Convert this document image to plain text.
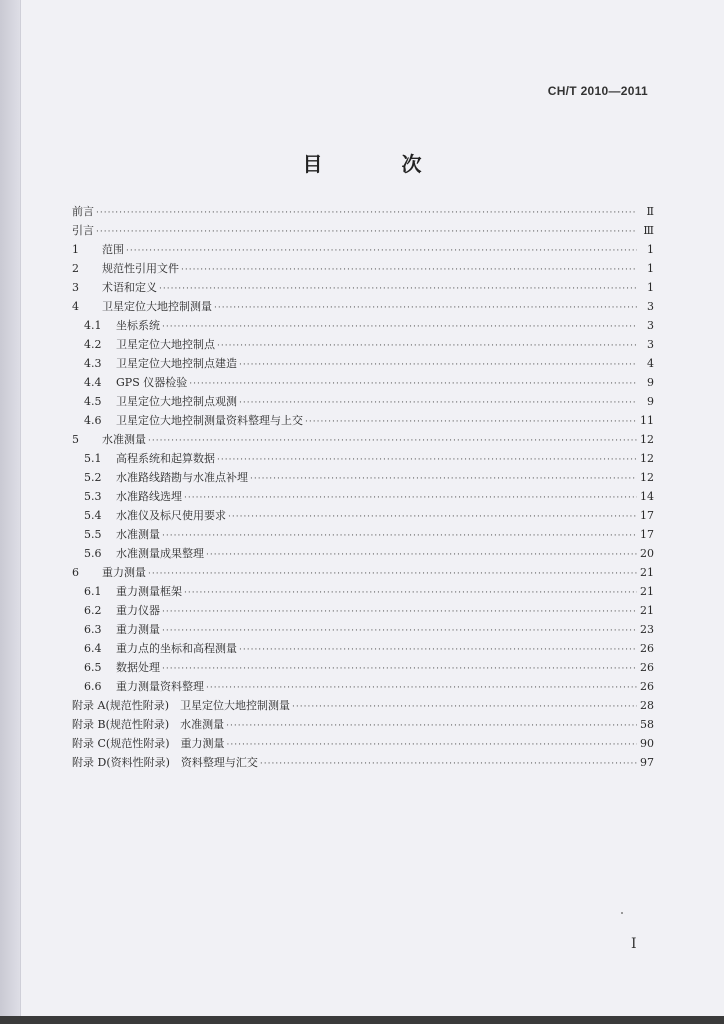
CH/T 2010—2011
目 次
前言 ·····	Ⅱ
引言 ·····	Ⅲ
1 范围 ·····	1
2 规范性引用文件 ·····	1
3 术语和定义 ·····	1
4 卫星定位大地控制测量 ·····	3
4.1 坐标系统 ·····	3
4.2 卫星定位大地控制点 ·····	3
4.3 卫星定位大地控制点建造 ·····	4
4.4 GPS 仪器检验 ·····	9
4.5 卫星定位大地控制点观测 ·····	9
4.6 卫星定位大地控制测量资料整理与上交 ·····	11
5 水准测量 ·····	12
5.1 高程系统和起算数据 ·····	12
5.2 水准路线踏勘与水准点补埋 ·····	12
5.3 水准路线选埋 ·····	14
5.4 水准仪及标尺使用要求 ·····	17
5.5 水准测量 ·····	17
5.6 水准测量成果整理 ·····	20
6 重力测量 ·····	21
6.1 重力测量框架 ·····	21
6.2 重力仪器 ·····	21
6.3 重力测量 ·····	23
6.4 重力点的坐标和高程测量 ·····	26
6.5 数据处理 ·····	26
6.6 重力测量资料整理 ·····	26
附录 A(规范性附录)　卫星定位大地控制测量 ·····	28
附录 B(规范性附录)　水准测量 ·····	58
附录 C(规范性附录)　重力测量 ·····	90
附录 D(资料性附录)　资料整理与汇交 ·····	97
I
